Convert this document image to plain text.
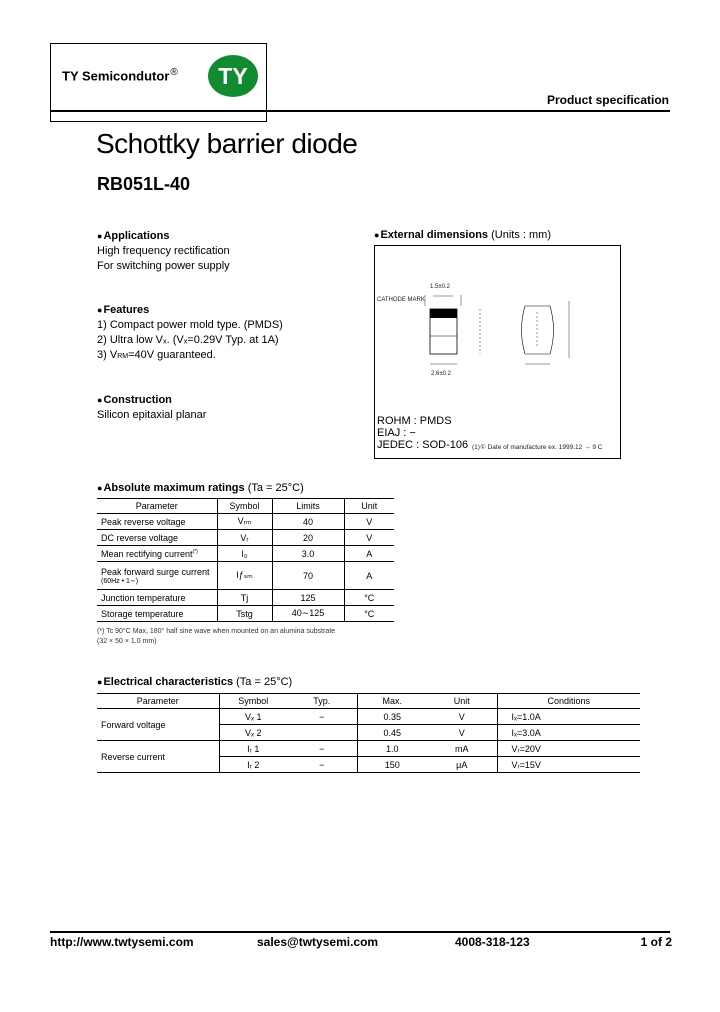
TY Semicondutor® TY
Product specification
Schottky barrier diode
RB051L-40
●Applications
High frequency rectification
For switching power supply
●Features
1) Compact power mold type. (PMDS)
2) Ultra low Vₓ. (Vₓ=0.29V Typ. at 1A)
3) VRM=40V guaranteed.
●Construction
Silicon epitaxial planar
●External dimensions (Units : mm)
1.5±0.2
CATHODE MARK
2.6±0.2
ROHM : PMDS
EIAJ : −
JEDEC : SOD-106 (1)① Date of manufacture ex. 1999.12 → 9 C
●Absolute maximum ratings (Ta = 25°C)
Parameter	Symbol	Limits	Unit
Peak reverse voltage	Vᵣₘ	40	V
DC reverse voltage	Vᵣ	20	V
Mean rectifying current(*)	I₀	3.0	A

Peak forward surge current
(60Hz • 1∼)	Iƒₛₘ	70	A
Junction temperature	Tj	125	°C
Storage temperature	Tstg	40∼125	°C
(*) Tc 90°C Max, 180° half sine wave when mounted on an alumina substrate
(32 × 50 × 1.0 mm)
●Electrical characteristics (Ta = 25°C)
Parameter	Symbol	Typ.	Max.	Unit	Conditions
Forward voltage	Vₓ 1	−	0.35	V	Iₓ=1.0A
	Vₓ 2		0.45	V	Iₓ=3.0A
Reverse current	Iᵣ 1	−	1.0	mA	Vᵣ=20V
	Iᵣ 2	−	150	μA	Vᵣ=15V
http://www.twtysemi.com	sales@twtysemi.com	4008-318-123	1 of 2
